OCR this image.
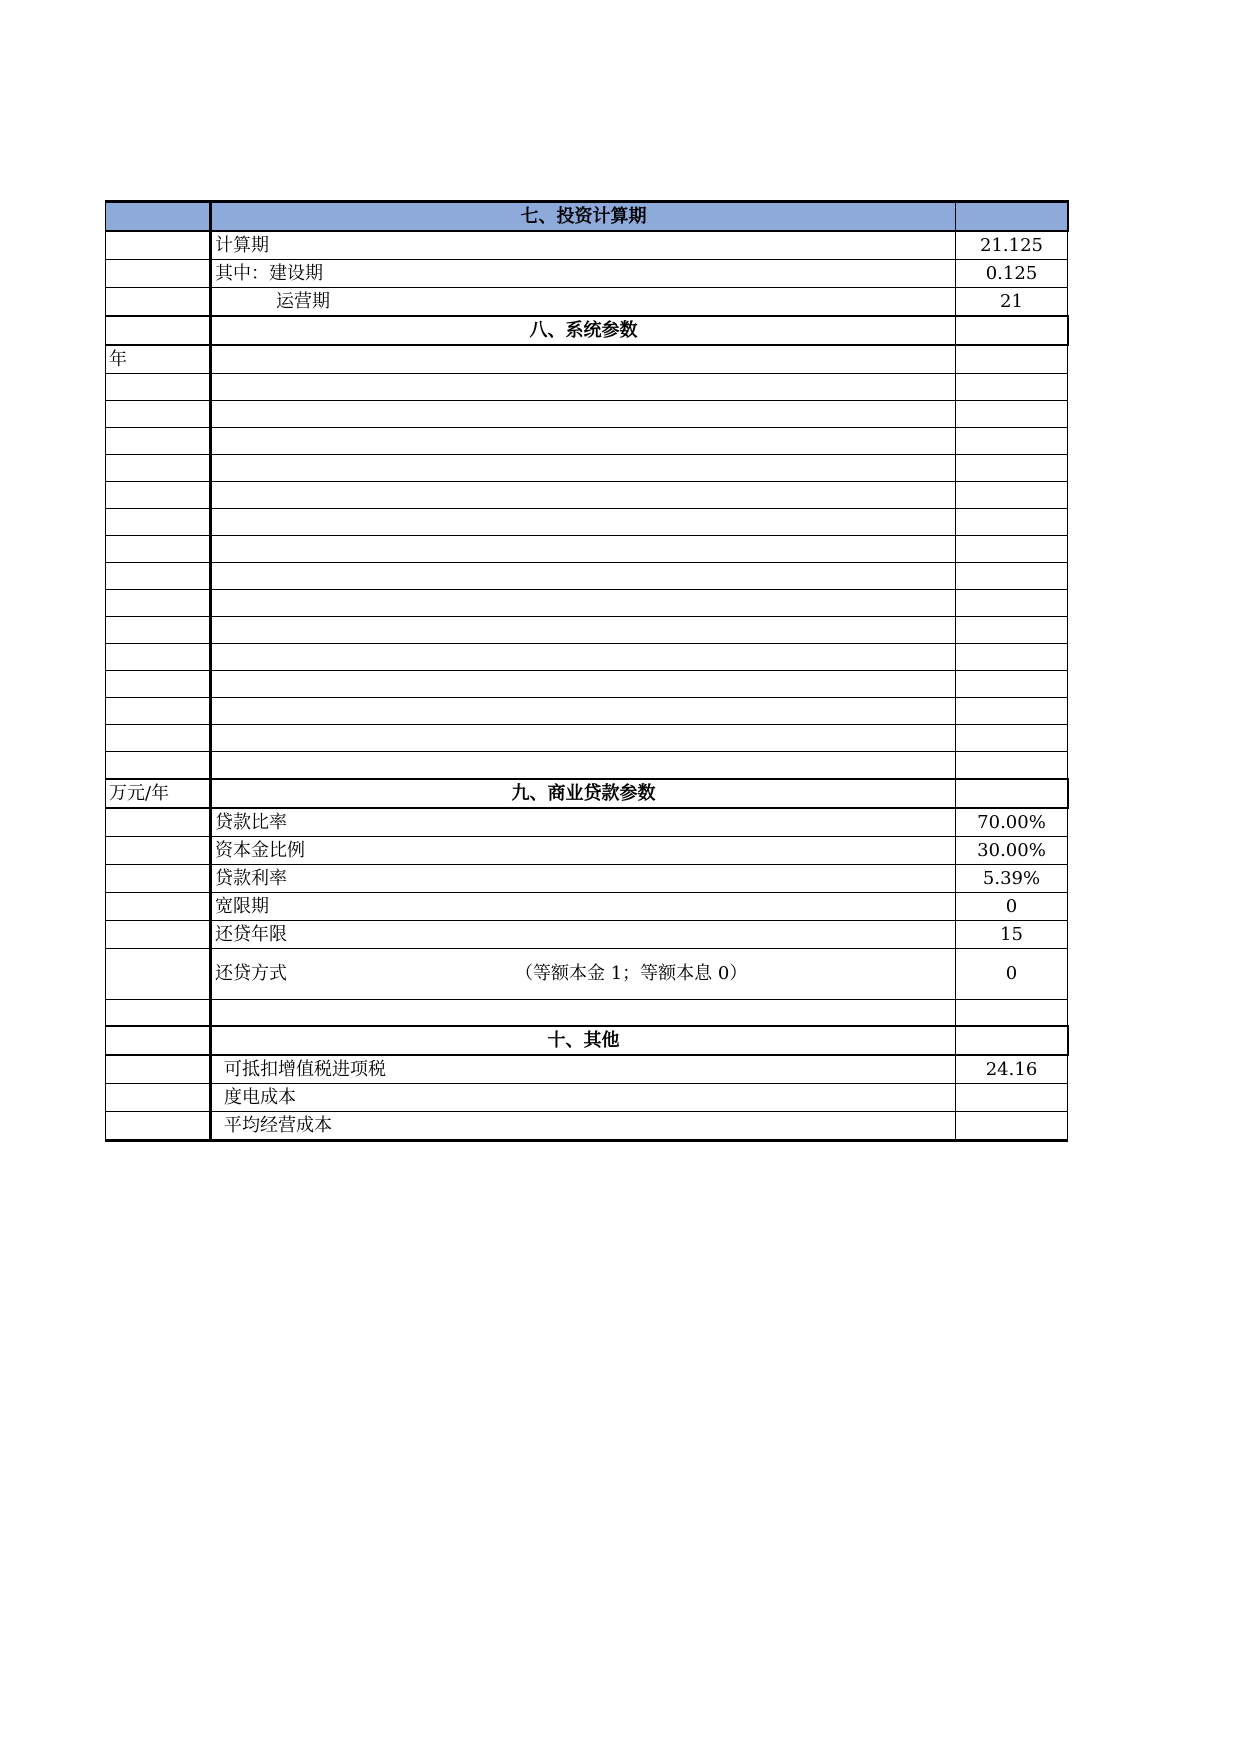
	七、投资计算期	
	计算期	21.125
	其中：建设期	0.125
	运营期	21
	八、系统参数	
年		

万元/年	九、商业贷款参数	
	贷款比率	70.00%
	资本金比例	30.00%
	贷款利率	5.39%
	宽限期	0
	还贷年限	15

	还贷方式 （等额本金 1；等额本息 0）	0

	十、其他	
	可抵扣增值税进项税	24.16
	度电成本	
	平均经营成本	
